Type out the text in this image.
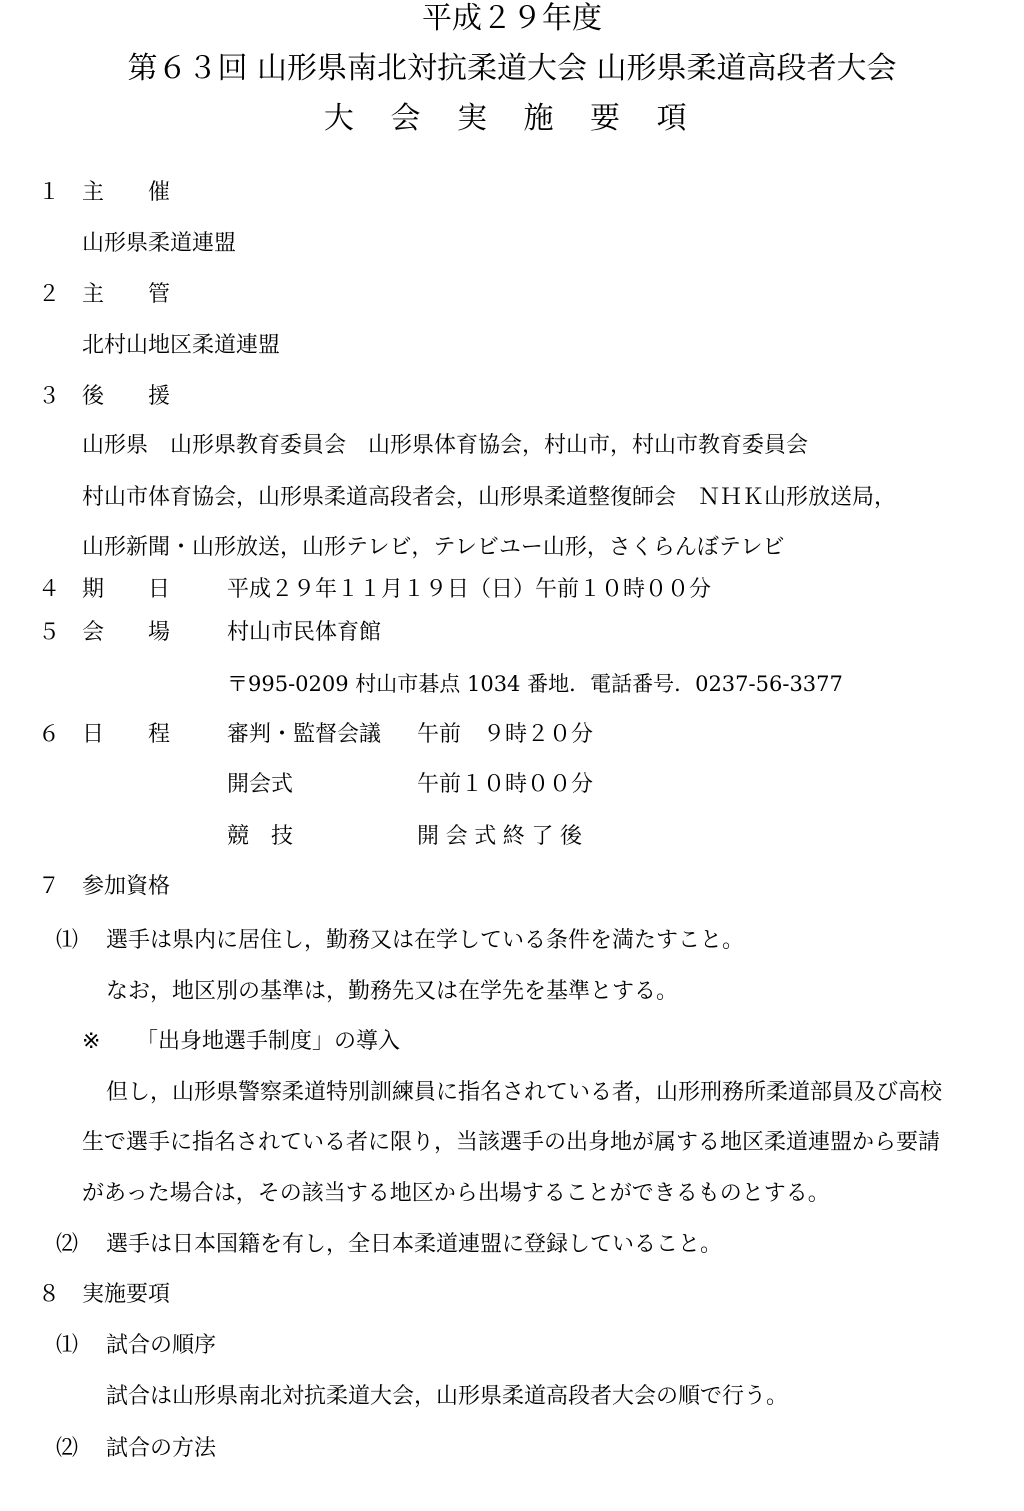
平成２９年度
第６３回 山形県南北対抗柔道大会 山形県柔道高段者大会
大 会 実 施 要 項
１ 主　　催
山形県柔道連盟
２ 主　　管
北村山地区柔道連盟
３ 後　　援
山形県　山形県教育委員会　山形県体育協会，村山市，村山市教育委員会
村山市体育協会，山形県柔道高段者会，山形県柔道整復師会　ＮＨＫ山形放送局，
山形新聞・山形放送，山形テレビ，テレビユー山形，さくらんぼテレビ
４ 期　　日	平成２９年１１月１９日（日）午前１０時００分
５ 会　　場	村山市民体育館
〒995-0209 村山市碁点 1034 番地．電話番号．0237-56-3377
６ 日　　程	審判・監督会議 午前　９時２０分
開会式	午前１０時００分
競　技	開会式終了後
７ 参加資格
⑴ 選手は県内に居住し，勤務又は在学している条件を満たすこと。
なお，地区別の基準は，勤務先又は在学先を基準とする。
※ 「出身地選手制度」の導入
但し，山形県警察柔道特別訓練員に指名されている者，山形刑務所柔道部員及び高校
生で選手に指名されている者に限り，当該選手の出身地が属する地区柔道連盟から要請
があった場合は，その該当する地区から出場することができるものとする。
⑵ 選手は日本国籍を有し，全日本柔道連盟に登録していること。
８ 実施要項
⑴ 試合の順序
試合は山形県南北対抗柔道大会，山形県柔道高段者大会の順で行う。
⑵ 試合の方法
